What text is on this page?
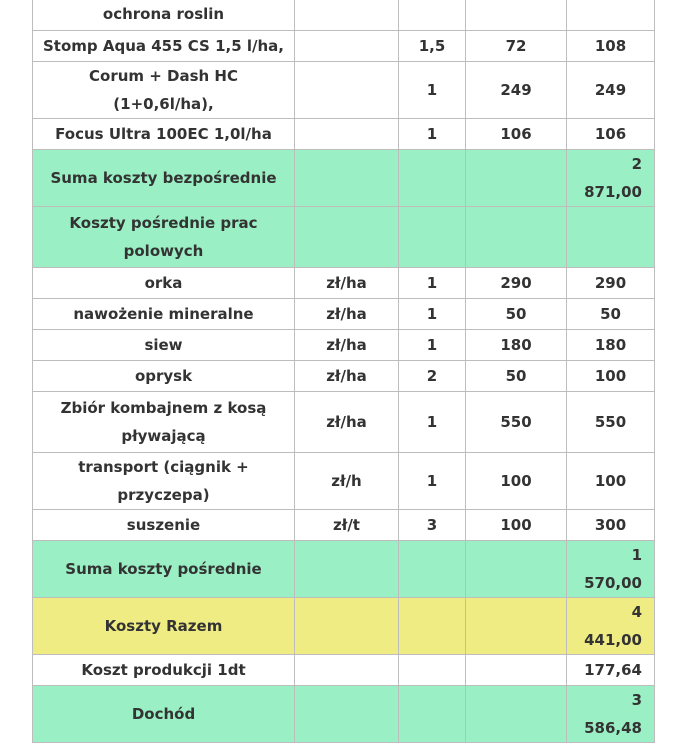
ochrona roslin				
Stomp Aqua 455 CS 1,5 l/ha,		1,5	72	108
Corum + Dash HC (1+0,6l/ha),		1	249	249
Focus Ultra 100EC 1,0l/ha		1	106	106
Suma koszty bezpośrednie				2 871,00
Koszty pośrednie prac polowych				
orka	zł/ha	1	290	290
nawożenie mineralne	zł/ha	1	50	50
siew	zł/ha	1	180	180
oprysk	zł/ha	2	50	100
Zbiór kombajnem z kosą pływającą	zł/ha	1	550	550
transport (ciągnik + przyczepa)	zł/h	1	100	100
suszenie	zł/t	3	100	300
Suma koszty pośrednie				1 570,00
Koszty Razem				4 441,00
Koszt produkcji 1dt				177,64
Dochód				3 586,48
